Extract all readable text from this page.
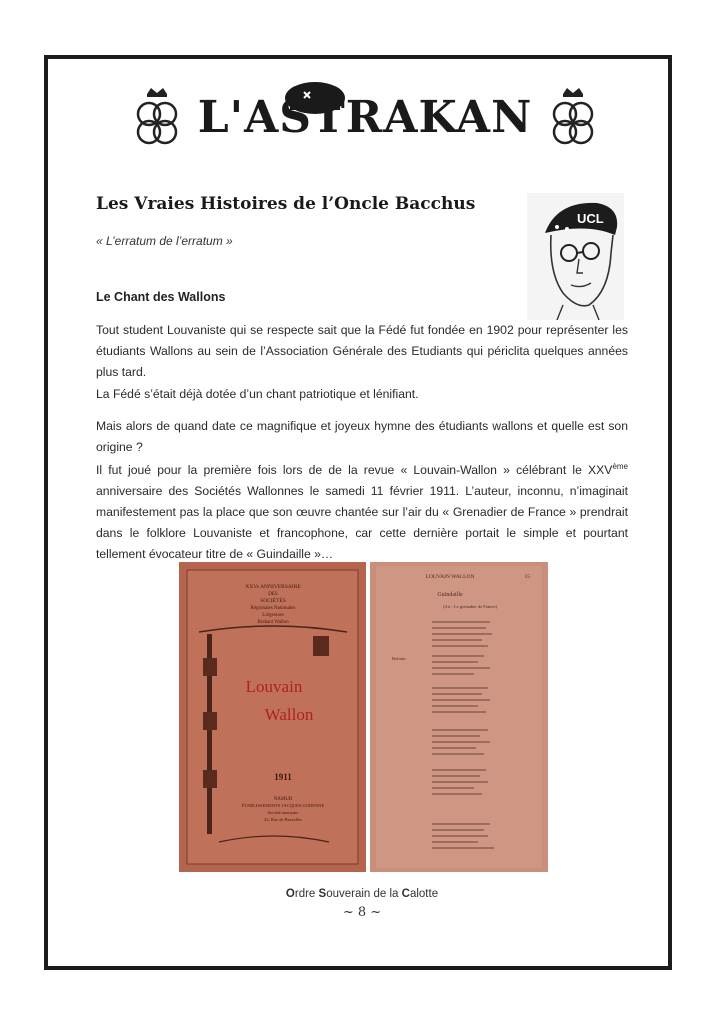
L'ASTRAKAN
Les Vraies Histoires de l’Oncle Bacchus
« L’erratum de l’erratum »
UCL
Le Chant des Wallons

Tout student Louvaniste qui se respecte sait que la Fédé fut fondée en 1902 pour représenter les étudiants Wallons au sein de l’Association Générale des Etudiants qui périclita quelques années plus tard.

La Fédé s’était déjà dotée d’un chant patriotique et lénifiant.

Mais alors de quand date ce magnifique et joyeux hymne des étudiants wallons et quelle est son origine ?

Il fut joué pour la première fois lors de de la revue « Louvain-Wallon » célébrant le XXVème anniversaire des Sociétés Wallonnes le samedi 11 février 1911. L’auteur, inconnu, n’imaginait manifestement pas la place que son œuvre chantée sur l’air du « Grenadier de France » prendrait dans le folklore Louvaniste et francophone, car cette dernière portait le simple et pourtant tellement évocateur titre de « Guindaille »…

XXVe ANNIVERSAIRE
DES
SOCIÉTÉS
Régionales Nationales
Liégeoises
Brabant Wallon
Louvain
Wallon
1911
NAMUR
ÉTABLISSEMENTS JACQUES GODENNE
Société anonyme
22, Rue de Bruxelles
LOUVAIN WALLON	15
Guindaille
(Air : Le grenadier de France)
Refrain
Ordre Souverain de la Calotte
~ 8 ~
